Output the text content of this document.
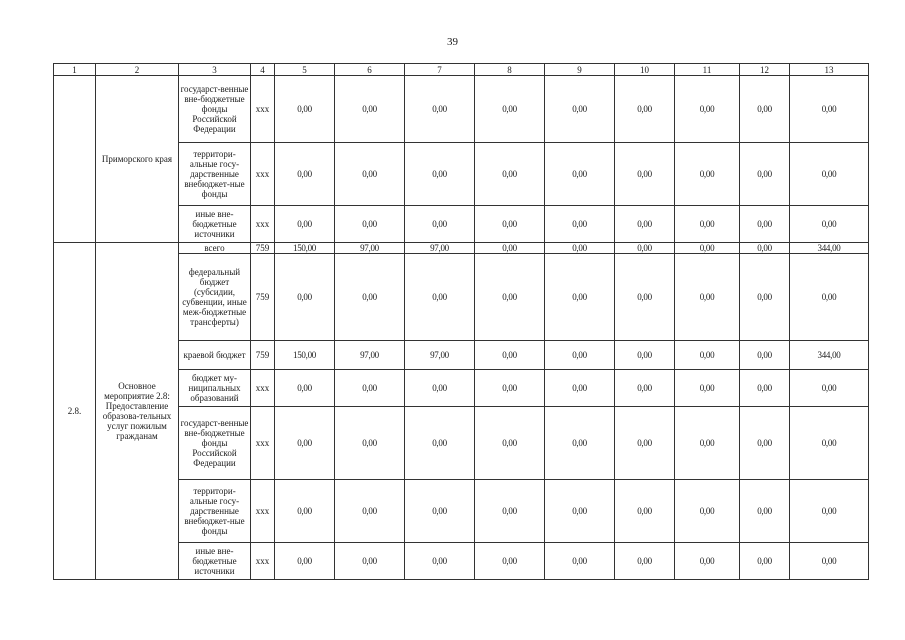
39
1	2	3	4	5	6	7	8	9	10	11	12	13
	Приморского края	государст-венные вне-бюджетные фонды Российской Федерации	xxx	0,00	0,00	0,00	0,00	0,00	0,00	0,00	0,00	0,00
		территори-альные госу-дарственные внебюджет-ные фонды	xxx	0,00	0,00	0,00	0,00	0,00	0,00	0,00	0,00	0,00
		иные вне-бюджетные источники	xxx	0,00	0,00	0,00	0,00	0,00	0,00	0,00	0,00	0,00
2.8.	Основное мероприятие 2.8: Предоставление образова-тельных услуг пожилым гражданам	всего	759	150,00	97,00	97,00	0,00	0,00	0,00	0,00	0,00	344,00
		федеральный бюджет (субсидии, субвенции, иные меж-бюджетные трансферты)	759	0,00	0,00	0,00	0,00	0,00	0,00	0,00	0,00	0,00
		краевой бюджет	759	150,00	97,00	97,00	0,00	0,00	0,00	0,00	0,00	344,00
		бюджет му-ниципальных образований	xxx	0,00	0,00	0,00	0,00	0,00	0,00	0,00	0,00	0,00
		государст-венные вне-бюджетные фонды Российской Федерации	xxx	0,00	0,00	0,00	0,00	0,00	0,00	0,00	0,00	0,00
		территори-альные госу-дарственные внебюджет-ные фонды	xxx	0,00	0,00	0,00	0,00	0,00	0,00	0,00	0,00	0,00
		иные вне-бюджетные источники	xxx	0,00	0,00	0,00	0,00	0,00	0,00	0,00	0,00	0,00
